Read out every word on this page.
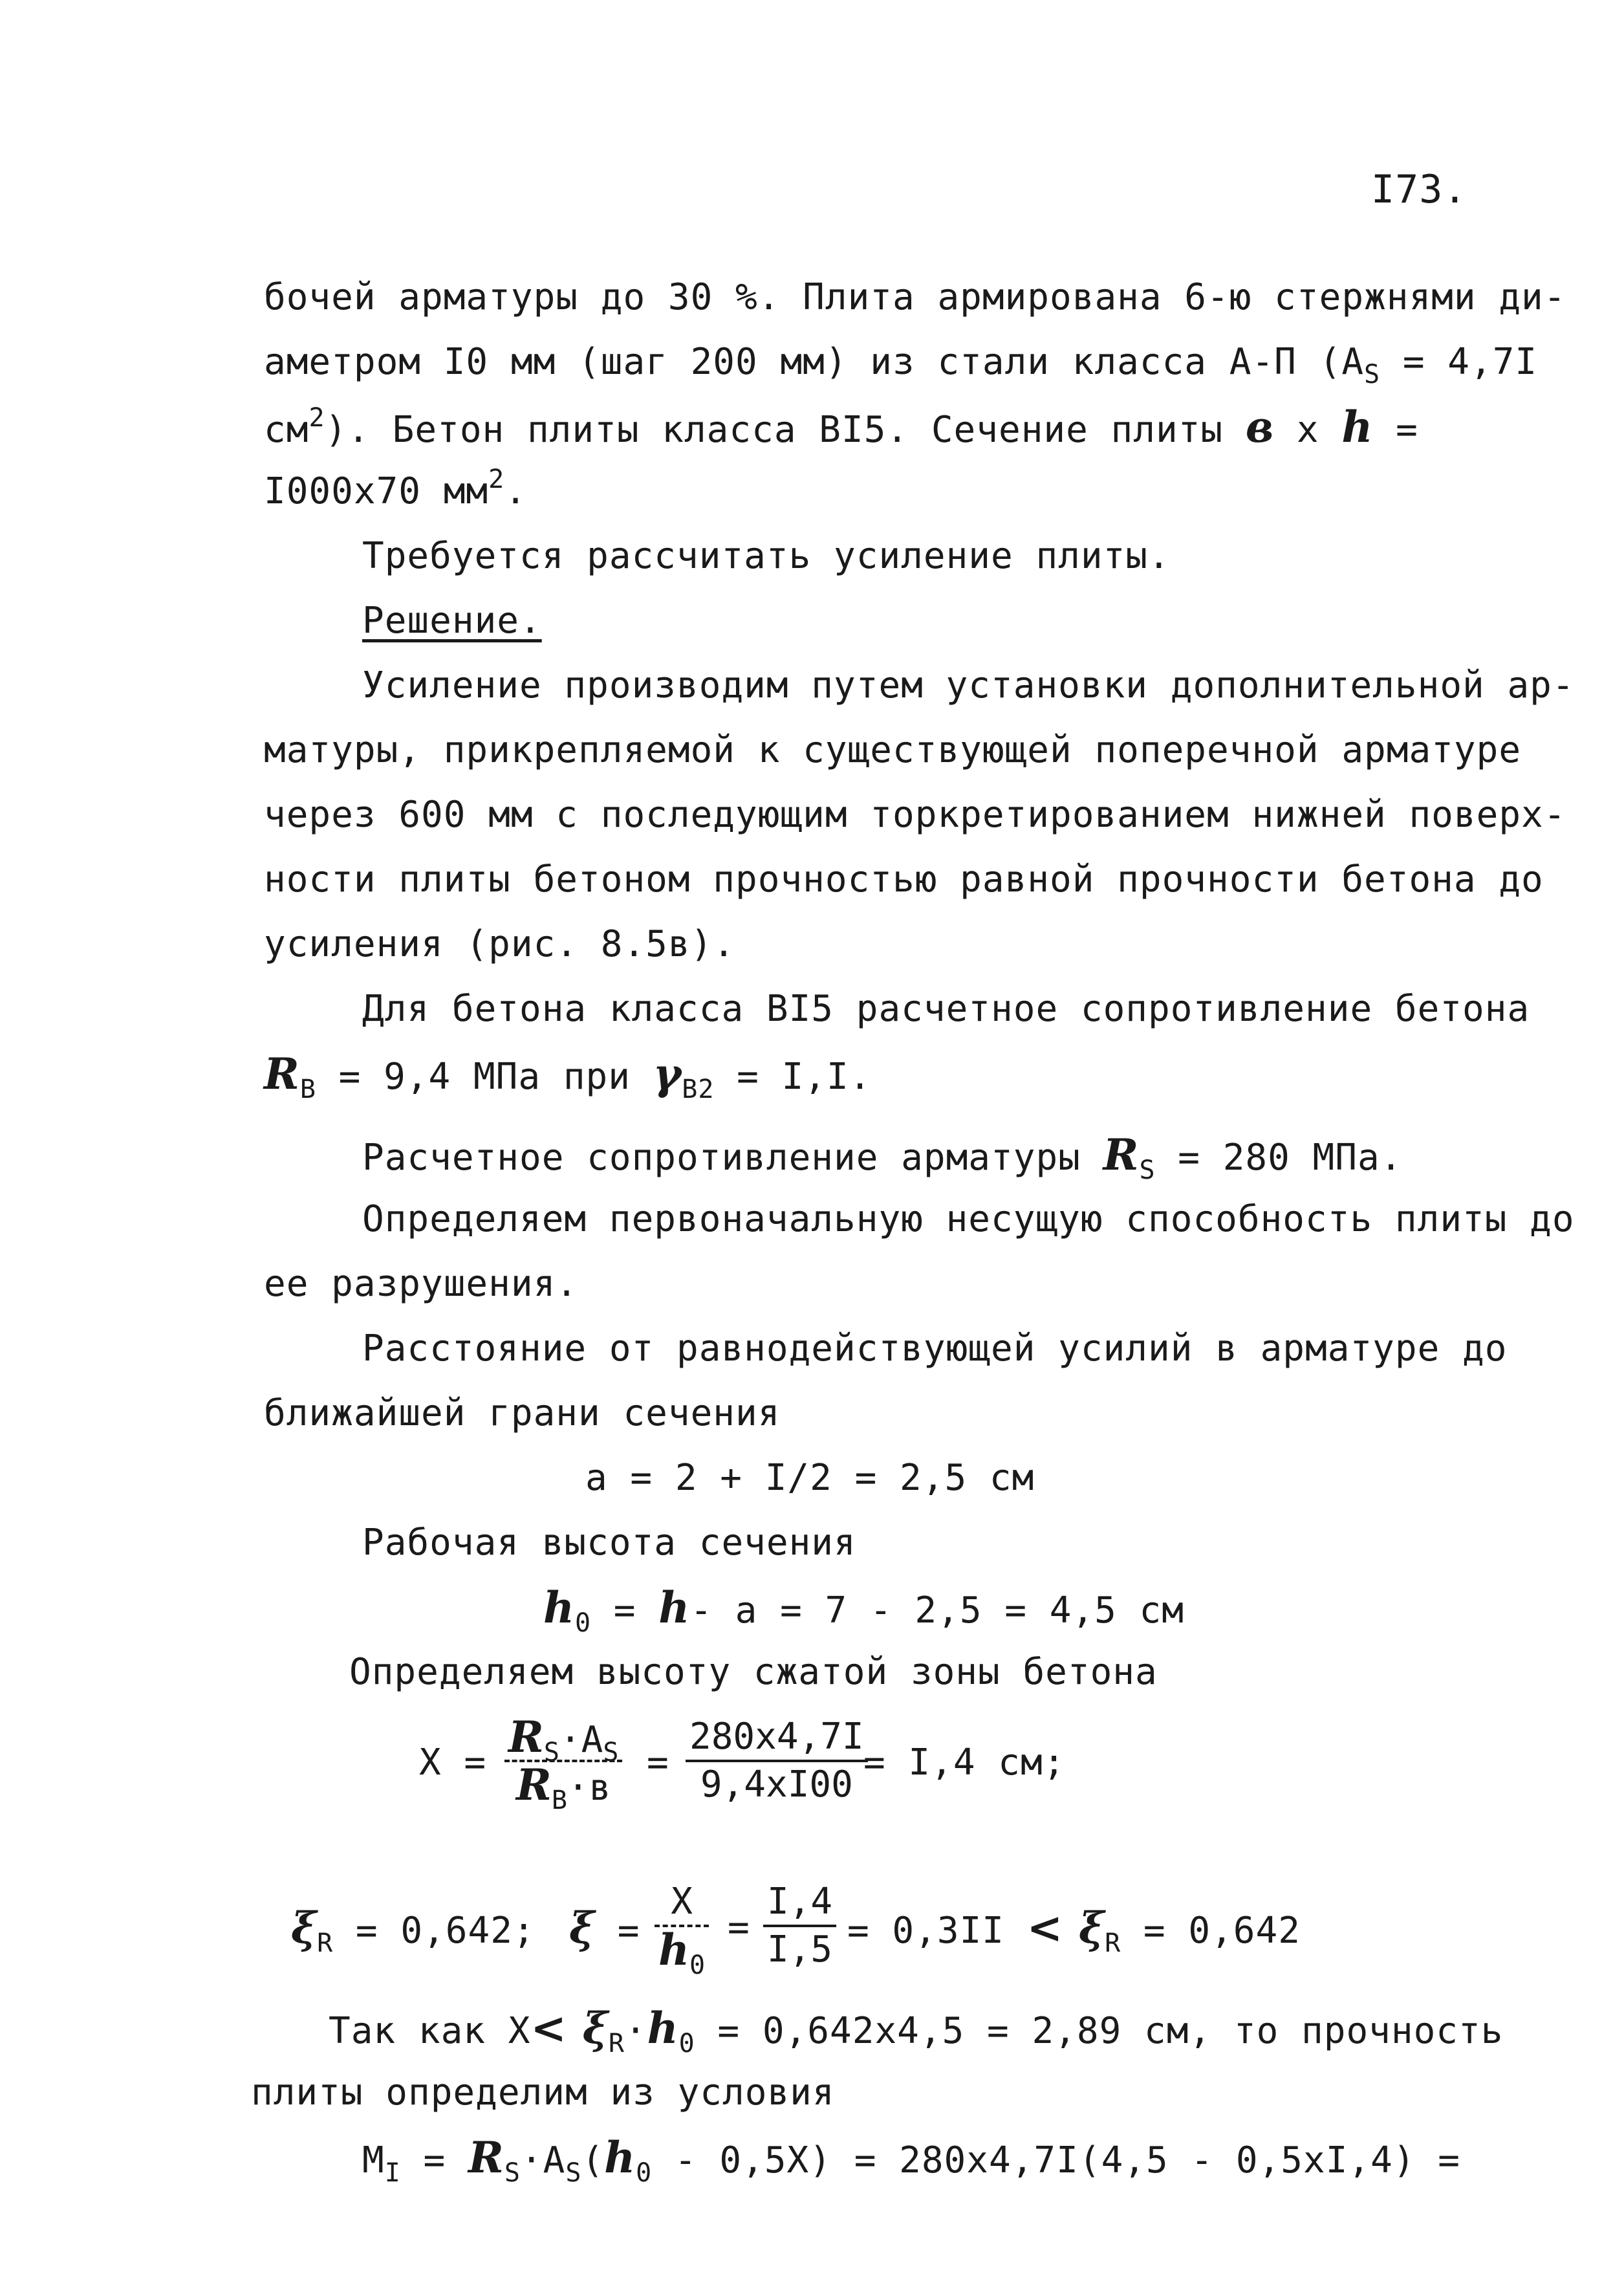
I73.
бочей арматуры до 30 %. Плита армирована 6-ю стержнями ди-
аметром I0 мм (шаг 200 мм) из стали класса А-П ($А_S = 4,7I$
$см^2$). Бетон плиты класса BI5. Сечение плиты в х h =
I000х70 $мм^2$.
Требуется рассчитать усиление плиты.
Решение.
Усиление производим путем установки дополнительной ар-
матуры, прикрепляемой к существующей поперечной арматуре
через 600 мм с последующим торкретированием нижней поверх-
ности плиты бетоном прочностью равной прочности бетона до
усиления (рис. 8.5в).
Для бетона класса BI5 расчетное сопротивление бетона
$R_В = 9,4$ МПа при $\gamma_{В2} = I,I$.
Расчетное сопротивление арматуры $R_S = 280$ МПа.
Определяем первоначальную несущую способность плиты до
ее разрушения.
Расстояние от равнодействующей усилий в арматуре до
ближайшей грани сечения
а = 2 + I/2 = 2,5 см
Рабочая высота сечения
$h_0 = h-$ а = 7 - 2,5 = 4,5 см
Определяем высоту сжатой зоны бетона
X =
$R_S\cdot А_S$
$R_В\cdot в$
=
280х4,7I
9,4хI00
= I,4 см;
$\xi_R = 0,642$; $\xi = \frac{X}{h_0} = \frac{I,4}{I,5} = 0,3II < \xi_R = 0,642$
Так как $X< \xi_R\cdot h_0 = 0,642х4,5 = 2,89$ см, то прочность
плиты определим из условия
$М_I = R_S\cdot А_S(h_0 - 0,5X) = 280х4,7I(4,5 - 0,5хI,4)$ =
